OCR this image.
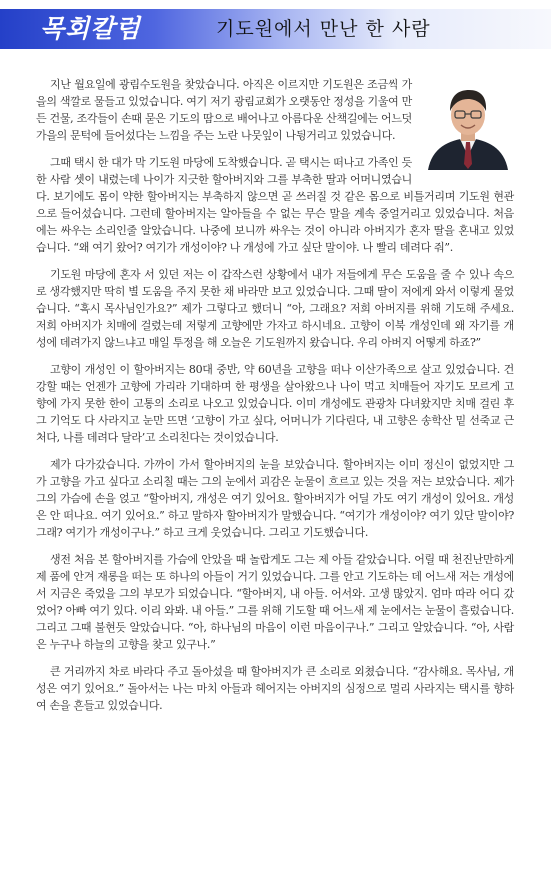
목회칼럼	기도원에서 만난 한 사람

지난 월요일에 광림수도원을 찾았습니다. 아직은 이르지만 기도원은 조금씩 가을의 색깔로 물들고 있었습니다. 여기 저기 광림교회가 오랫동안 정성을 기울여 만든 건물, 조각들이 손때 묻은 기도의 땀으로 배어나고 아름다운 산책길에는 어느덧 가을의 문턱에 들어섰다는 느낌을 주는 노란 나뭇잎이 나뒹거리고 있었습니다.

그때 택시 한 대가 막 기도원 마당에 도착했습니다. 곧 택시는 떠나고 가족인 듯한 사람 셋이 내렸는데 나이가 지긋한 할아버지와 그를 부축한 딸과 어머니였습니다. 보기에도 몸이 약한 할아버지는 부축하지 않으면 곧 쓰러질 것 같은 몸으로 비틀거리며 기도원 현관으로 들어섰습니다. 그런데 할아버지는 알아들을 수 없는 무슨 말을 계속 중얼거리고 있었습니다. 처음에는 싸우는 소리인줄 알았습니다. 나중에 보니까 싸우는 것이 아니라 아버지가 혼자 딸을 혼내고 있었습니다. “왜 여기 왔어? 여기가 개성이야? 나 개성에 가고 싶단 말이야. 나 빨리 데려다 줘”.

기도원 마당에 혼자 서 있던 저는 이 갑작스런 상황에서 내가 저들에게 무슨 도움을 줄 수 있나 속으로 생각했지만 딱히 별 도움을 주지 못한 채 바라만 보고 있었습니다. 그때 딸이 저에게 와서 이렇게 물었습니다. “혹시 목사님인가요?” 제가 그렇다고 했더니 “아, 그래요? 저희 아버지를 위해 기도해 주세요. 저희 아버지가 치매에 걸렸는데 저렇게 고향에만 가자고 하시네요. 고향이 이북 개성인데 왜 자기를 개성에 데려가지 않느냐고 매일 투정을 해 오늘은 기도원까지 왔습니다. 우리 아버지 어떻게 하죠?”

고향이 개성인 이 할아버지는 80대 중반, 약 60년을 고향을 떠나 이산가족으로 살고 있었습니다. 건강할 때는 언젠가 고향에 가리라 기대하며 한 평생을 살아왔으나 나이 먹고 치매들어 자기도 모르게 고향에 가지 못한 한이 고통의 소리로 나오고 있었습니다. 이미 개성에도 관광차 다녀왔지만 치매 걸린 후 그 기억도 다 사라지고 눈만 뜨면 ‘고향이 가고 싶다, 어머니가 기다린다, 내 고향은 송학산 밑 선죽교 근처다, 나를 데려다 달라’고 소리친다는 것이었습니다.

제가 다가갔습니다. 가까이 가서 할아버지의 눈을 보았습니다. 할아버지는 이미 정신이 없었지만 그가 고향을 가고 싶다고 소리칠 때는 그의 눈에서 괴감은 눈물이 흐르고 있는 것을 저는 보았습니다. 제가 그의 가슴에 손을 얹고 “할아버지, 개성은 여기 있어요. 할아버지가 어딜 가도 여기 개성이 있어요. 개성은 안 떠나요. 여기 있어요.” 하고 말하자 할아버지가 말했습니다. “여기가 개성이야? 여기 있단 말이야? 그래? 여기가 개성이구나.” 하고 크게 웃었습니다. 그리고 기도했습니다.

생전 처음 본 할아버지를 가슴에 안았을 때 놀랍게도 그는 제 아들 같았습니다. 어릴 때 천진난만하게 제 품에 안겨 재롱을 떠는 또 하나의 아들이 거기 있었습니다. 그를 안고 기도하는 데 어느새 저는 개성에서 지금은 죽었을 그의 부모가 되었습니다. “할아버지, 내 아들. 어서와. 고생 많았지. 엄마 따라 어디 갔었어? 아빠 여기 있다. 이리 와봐. 내 아들.” 그를 위해 기도할 때 어느새 제 눈에서는 눈물이 흘렀습니다. 그리고 그때 불현듯 알았습니다. “아, 하나님의 마음이 이런 마음이구나.” 그리고 알았습니다. “아, 사람은 누구나 하늘의 고향을 찾고 있구나.”

큰 거리까지 차로 바라다 주고 돌아섰을 때 할아버지가 큰 소리로 외쳤습니다. “감사해요. 목사님, 개성은 여기 있어요.” 돌아서는 나는 마치 아들과 헤어지는 아버지의 심정으로 멀리 사라지는 택시를 향하여 손을 흔들고 있었습니다.
